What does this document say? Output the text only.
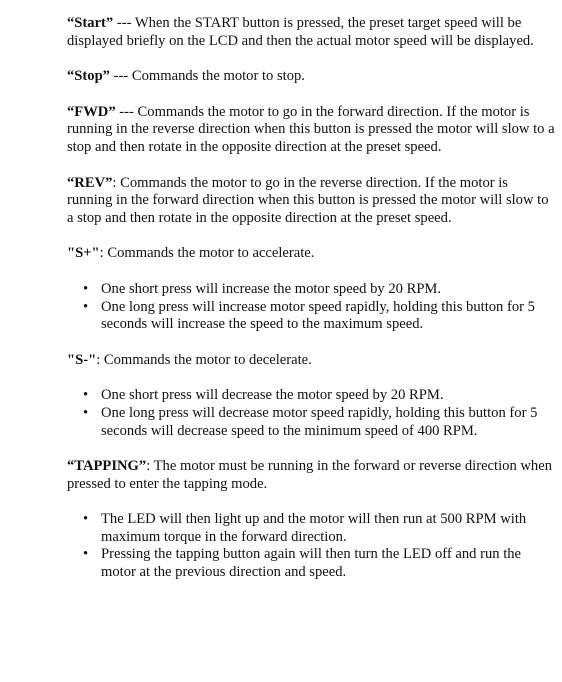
“Start” --- When the START button is pressed, the preset target speed will be displayed briefly on the LCD and then the actual motor speed will be displayed.

“Stop” --- Commands the motor to stop.

“FWD” --- Commands the motor to go in the forward direction. If the motor is running in the reverse direction when this button is pressed the motor will slow to a stop and then rotate in the opposite direction at the preset speed.

“REV”: Commands the motor to go in the reverse direction. If the motor is running in the forward direction when this button is pressed the motor will slow to a stop and then rotate in the opposite direction at the preset speed.

"S+": Commands the motor to accelerate.

• One short press will increase the motor speed by 20 RPM.
• One long press will increase motor speed rapidly, holding this button for 5 seconds will increase the speed to the maximum speed.

"S-": Commands the motor to decelerate.

• One short press will decrease the motor speed by 20 RPM.
• One long press will decrease motor speed rapidly, holding this button for 5 seconds will decrease speed to the minimum speed of 400 RPM.

“TAPPING”: The motor must be running in the forward or reverse direction when pressed to enter the tapping mode.

• The LED will then light up and the motor will then run at 500 RPM with maximum torque in the forward direction.
• Pressing the tapping button again will then turn the LED off and run the motor at the previous direction and speed.
